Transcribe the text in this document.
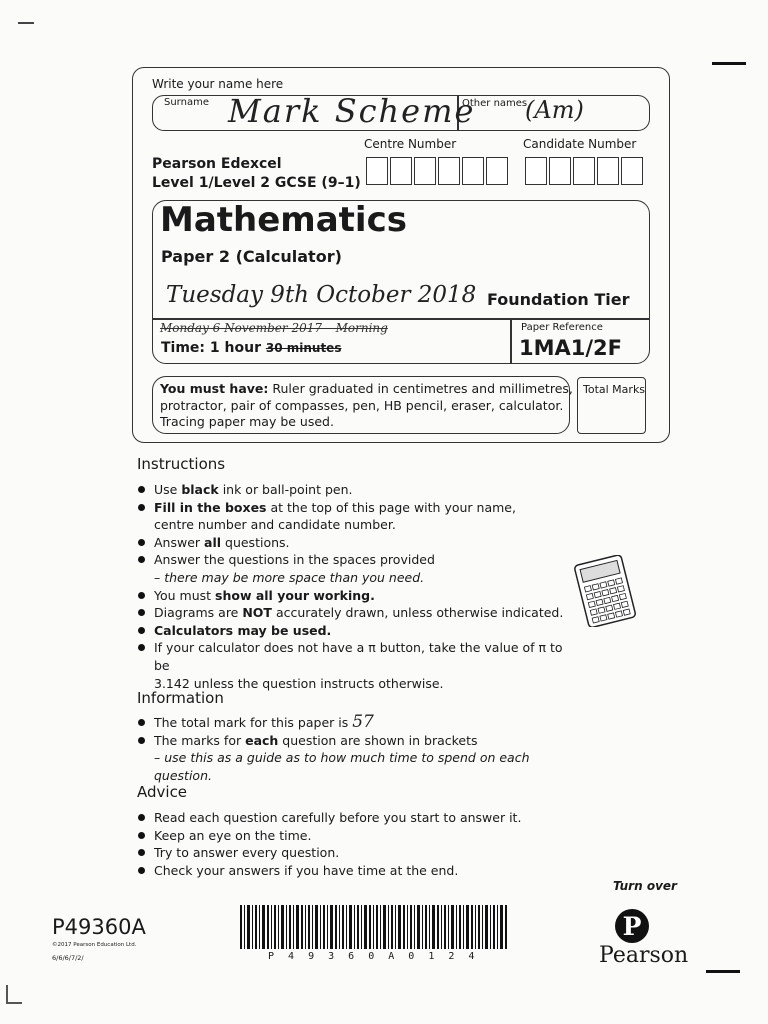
Write your name here
Surname Mark Scheme
Other names
(Am)
Centre Number	Candidate Number
Pearson Edexcel
Level 1/Level 2 GCSE (9–1)
Mathematics
Paper 2 (Calculator)
Tuesday 9th October 2018 Foundation Tier
Monday 6 November 2017 – Morning
Time: 1 hour 30 minutes
Paper Reference
1MA1/2F
You must have: Ruler graduated in centimetres and millimetres,
protractor, pair of compasses, pen, HB pencil, eraser, calculator.
Tracing paper may be used.
Total Marks
Instructions
Use black ink or ball-point pen.
Fill in the boxes at the top of this page with your name,
centre number and candidate number.
Answer all questions.
Answer the questions in the spaces provided
– there may be more space than you need.
You must show all your working.
Diagrams are NOT accurately drawn, unless otherwise indicated.
Calculators may be used.
If your calculator does not have a π button, take the value of π to be
3.142 unless the question instructs otherwise.
Information
The total mark for this paper is 57
The marks for each question are shown in brackets
– use this as a guide as to how much time to spend on each question.
Advice
Read each question carefully before you start to answer it.
Keep an eye on the time.
Try to answer every question.
Check your answers if you have time at the end.
Turn over
P49360A
©2017 Pearson Education Ltd.
6/6/6/7/2/	P 4 9 3 6 0 A 0 1 2 4
P
Pearson
